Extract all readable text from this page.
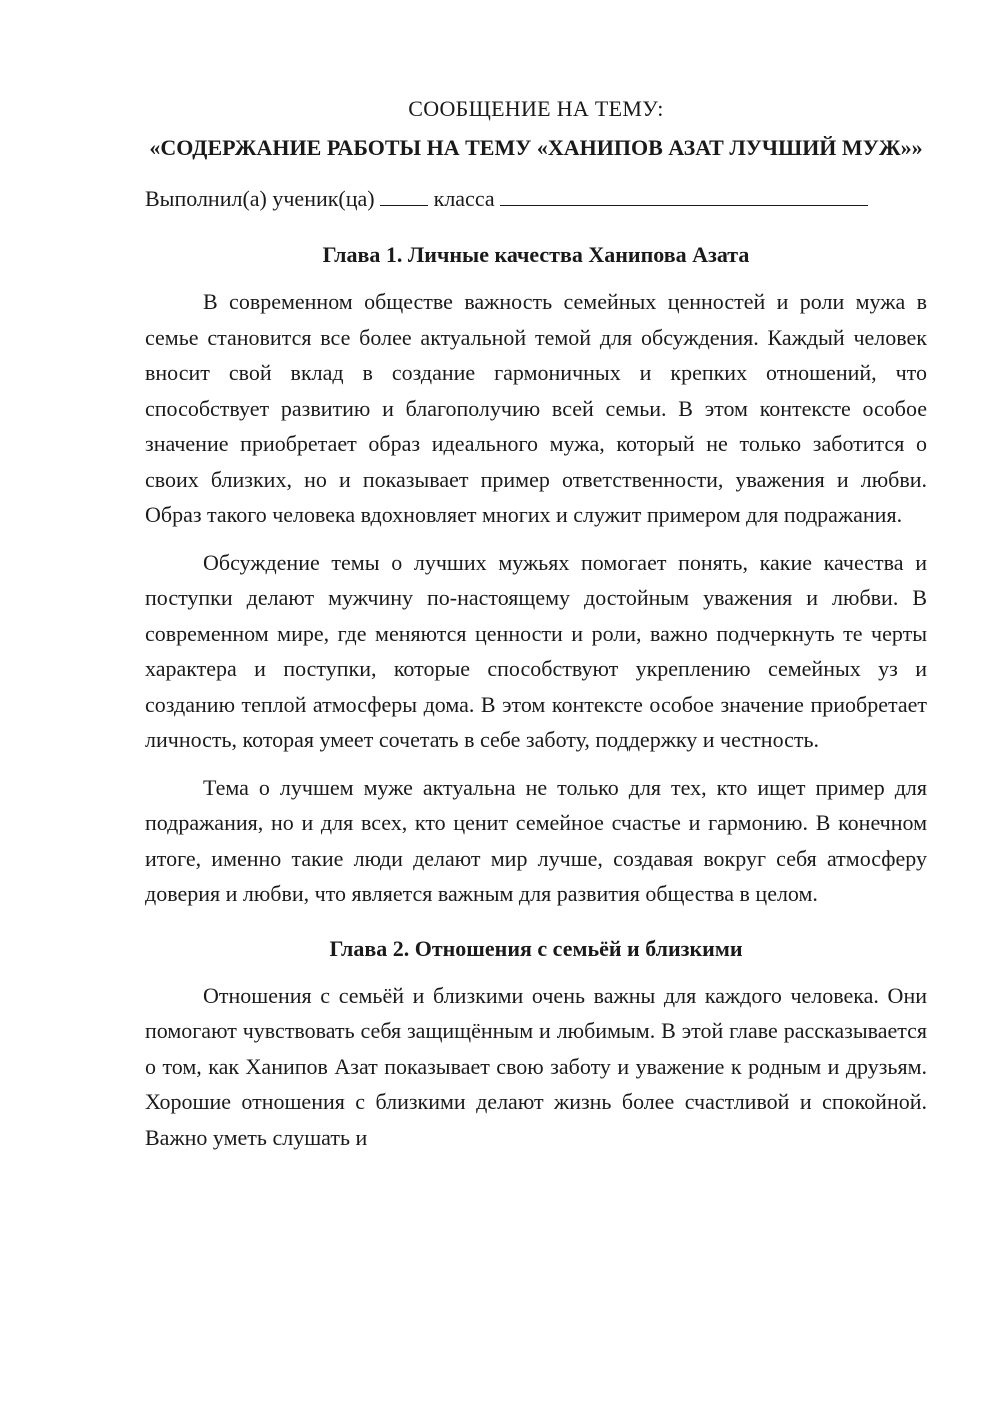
СООБЩЕНИЕ НА ТЕМУ:

«СОДЕРЖАНИЕ РАБОТЫ НА ТЕМУ «ХАНИПОВ АЗАТ ЛУЧШИЙ МУЖ»»

Выполнил(а) ученик(ца)	класса
Глава 1. Личные качества Ханипова Азата

В современном обществе важность семейных ценностей и роли мужа в семье становится все более актуальной темой для обсуждения. Каждый человек вносит свой вклад в создание гармоничных и крепких отношений, что способствует развитию и благополучию всей семьи. В этом контексте особое значение приобретает образ идеального мужа, который не только заботится о своих близких, но и показывает пример ответственности, уважения и любви. Образ такого человека вдохновляет многих и служит примером для подражания.

Обсуждение темы о лучших мужьях помогает понять, какие качества и поступки делают мужчину по-настоящему достойным уважения и любви. В современном мире, где меняются ценности и роли, важно подчеркнуть те черты характера и поступки, которые способствуют укреплению семейных уз и созданию теплой атмосферы дома. В этом контексте особое значение приобретает личность, которая умеет сочетать в себе заботу, поддержку и честность.

Тема о лучшем муже актуальна не только для тех, кто ищет пример для подражания, но и для всех, кто ценит семейное счастье и гармонию. В конечном итоге, именно такие люди делают мир лучше, создавая вокруг себя атмосферу доверия и любви, что является важным для развития общества в целом.

Глава 2. Отношения с семьёй и близкими

Отношения с семьёй и близкими очень важны для каждого человека. Они помогают чувствовать себя защищённым и любимым. В этой главе рассказывается о том, как Ханипов Азат показывает свою заботу и уважение к родным и друзьям. Хорошие отношения с близкими делают жизнь более счастливой и спокойной. Важно уметь слушать и
